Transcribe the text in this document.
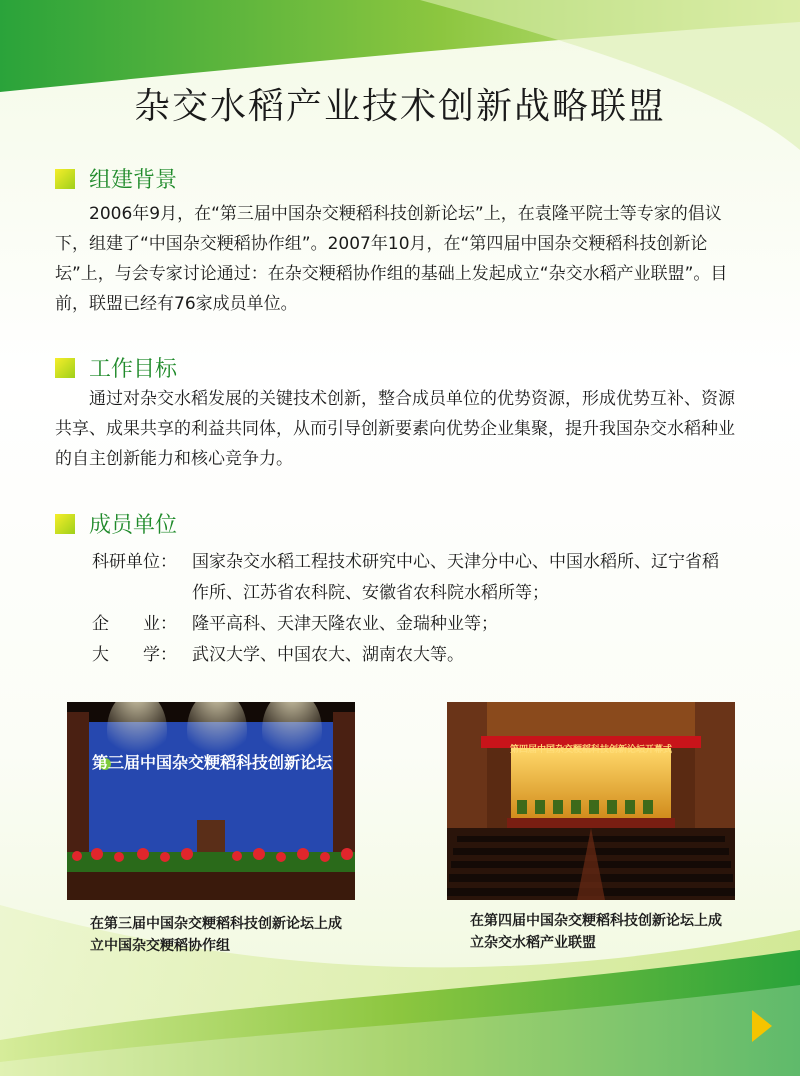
杂交水稻产业技术创新战略联盟
组建背景

2006年9月，在“第三届中国杂交粳稻科技创新论坛”上，在袁隆平院士等专家的倡议下，组建了“中国杂交粳稻协作组”。2007年10月，在“第四届中国杂交粳稻科技创新论坛”上，与会专家讨论通过：在杂交粳稻协作组的基础上发起成立“杂交水稻产业联盟”。目前，联盟已经有76家成员单位。

工作目标

通过对杂交水稻发展的关键技术创新，整合成员单位的优势资源，形成优势互补、资源共享、成果共享的利益共同体，从而引导创新要素向优势企业集聚，提升我国杂交水稻种业的自主创新能力和核心竞争力。

成员单位
科研单位： 国家杂交水稻工程技术研究中心、天津分中心、中国水稻所、辽宁省稻作所、江苏省农科院、安徽省农科院水稻所等；
企　　业： 隆平高科、天津天隆农业、金瑞种业等；
大　　学： 武汉大学、中国农大、湖南农大等。
第三届中国杂交粳稻科技创新论坛
在第三届中国杂交粳稻科技创新论坛上成立中国杂交粳稻协作组
第四届中国杂交粳稻科技创新论坛开幕式
在第四届中国杂交粳稻科技创新论坛上成立杂交水稻产业联盟
